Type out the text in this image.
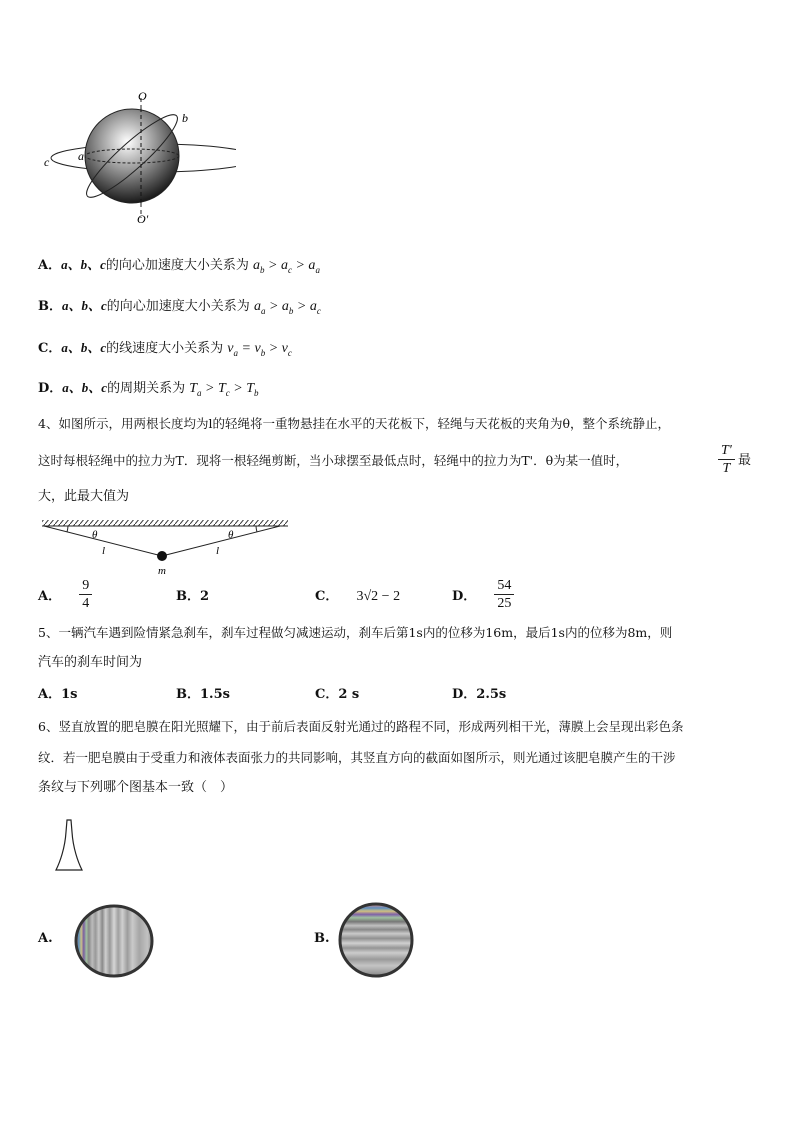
O
O'
b
a
c
A．a、b、c的向心加速度大小关系为 $a_b > a_c > a_a$
B．a、b、c的向心加速度大小关系为 $a_a > a_b > a_c$
C．a、b、c的线速度大小关系为 $v_a = v_b > v_c$
D．a、b、c的周期关系为 $T_a > T_c > T_b$
4、如图所示，用两根长度均为l的轻绳将一重物悬挂在水平的天花板下，轻绳与天花板的夹角为θ，整个系统静止，
这时每根轻绳中的拉力为T．现将一根轻绳剪断，当小球摆至最低点时，轻绳中的拉力为T'．θ为某一值时，	$\frac{T'}{T}$ 最
大，此最大值为
θ	θ
l	l
m
A． $\frac{9}{4}$	B．2	C． 3√2 − 2	D． $\frac{54}{25}$
5、一辆汽车遇到险情紧急刹车，刹车过程做匀减速运动，刹车后第1s内的位移为16m，最后1s内的位移为8m，则
汽车的刹车时间为
A．1s	B．1.5s	C．2 s	D．2.5s
6、竖直放置的肥皂膜在阳光照耀下，由于前后表面反射光通过的路程不同，形成两列相干光，薄膜上会呈现出彩色条
纹．若一肥皂膜由于受重力和液体表面张力的共同影响，其竖直方向的截面如图所示，则光通过该肥皂膜产生的干涉
条纹与下列哪个图基本一致（　）
A.	B.
